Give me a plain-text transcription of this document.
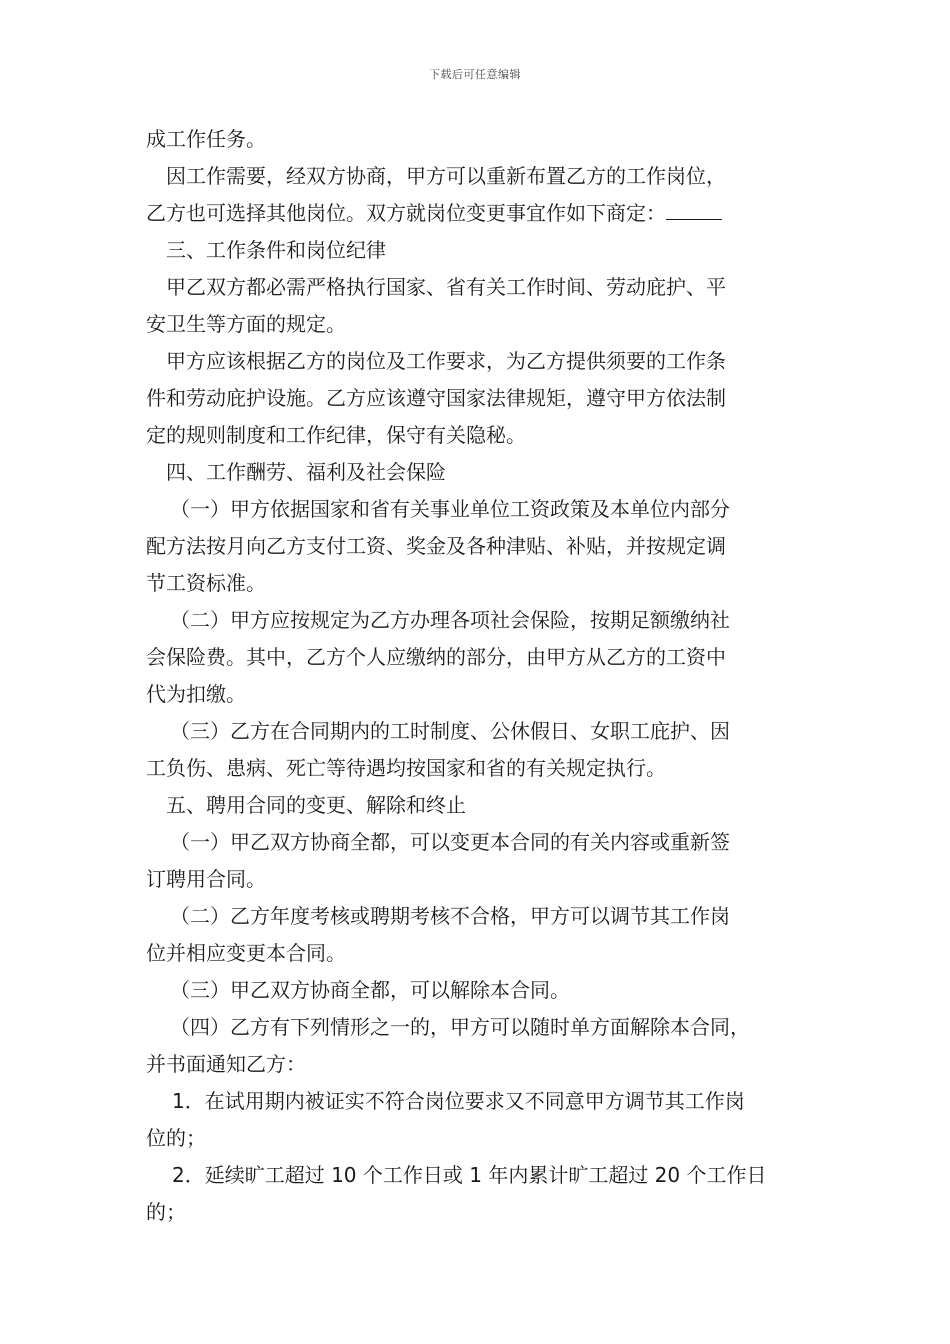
下载后可任意编辑

成工作任务。

因工作需要，经双方协商，甲方可以重新布置乙方的工作岗位，

乙方也可选择其他岗位。双方就岗位变更事宜作如下商定：

三、工作条件和岗位纪律

甲乙双方都必需严格执行国家、省有关工作时间、劳动庇护、平

安卫生等方面的规定。

甲方应该根据乙方的岗位及工作要求，为乙方提供须要的工作条

件和劳动庇护设施。乙方应该遵守国家法律规矩，遵守甲方依法制

定的规则制度和工作纪律，保守有关隐秘。

四、工作酬劳、福利及社会保险

（一）甲方依据国家和省有关事业单位工资政策及本单位内部分

配方法按月向乙方支付工资、奖金及各种津贴、补贴，并按规定调

节工资标准。

（二）甲方应按规定为乙方办理各项社会保险，按期足额缴纳社

会保险费。其中，乙方个人应缴纳的部分，由甲方从乙方的工资中

代为扣缴。

（三）乙方在合同期内的工时制度、公休假日、女职工庇护、因

工负伤、患病、死亡等待遇均按国家和省的有关规定执行。

五、聘用合同的变更、解除和终止

（一）甲乙双方协商全都，可以变更本合同的有关内容或重新签

订聘用合同。

（二）乙方年度考核或聘期考核不合格，甲方可以调节其工作岗

位并相应变更本合同。

（三）甲乙双方协商全都，可以解除本合同。

（四）乙方有下列情形之一的，甲方可以随时单方面解除本合同，

并书面通知乙方：

1．在试用期内被证实不符合岗位要求又不同意甲方调节其工作岗

位的；

2．延续旷工超过 10 个工作日或 1 年内累计旷工超过 20 个工作日

的；
